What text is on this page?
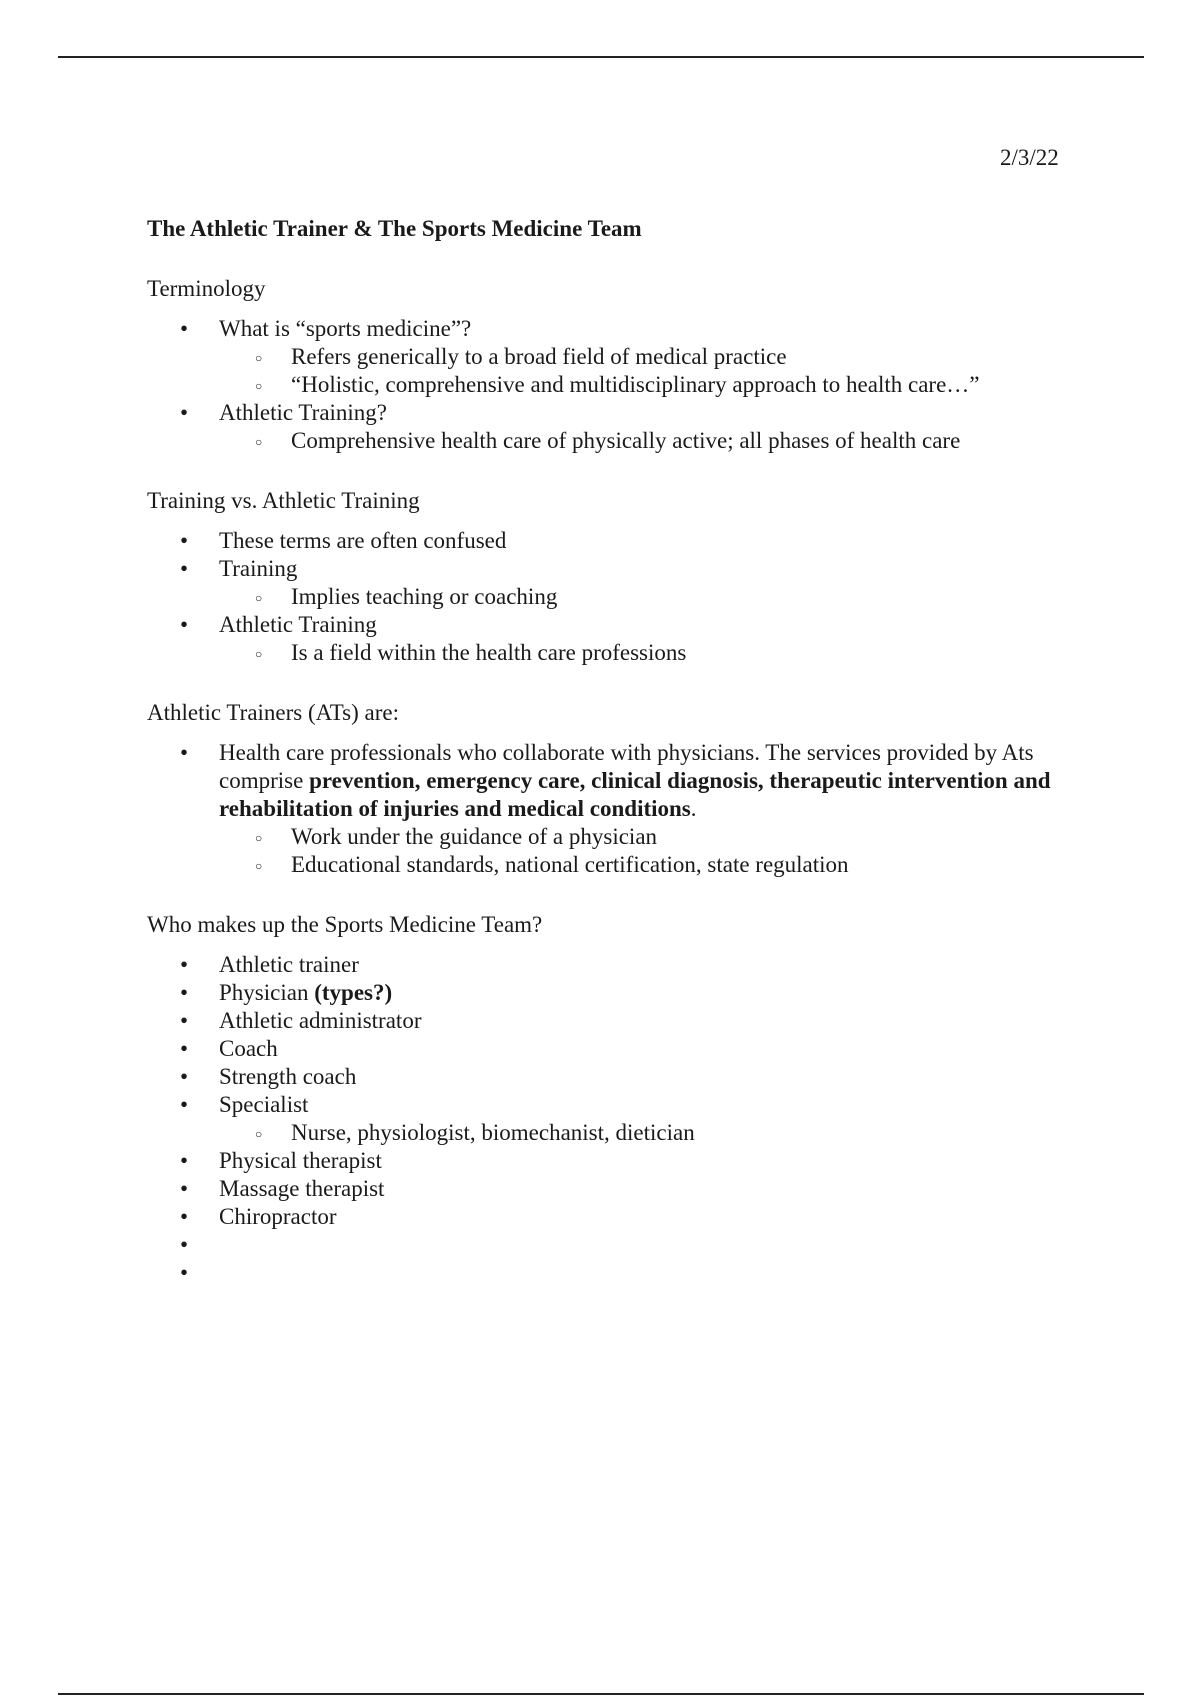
2/3/22
The Athletic Trainer & The Sports Medicine Team

Terminology

• What is “sports medicine”?
○ Refers generically to a broad field of medical practice
○ “Holistic, comprehensive and multidisciplinary approach to health care…”
• Athletic Training?
○ Comprehensive health care of physically active; all phases of health care

Training vs. Athletic Training

• These terms are often confused
• Training
○ Implies teaching or coaching
• Athletic Training
○ Is a field within the health care professions

Athletic Trainers (ATs) are:

• Health care professionals who collaborate with physicians. The services provided by Ats comprise prevention, emergency care, clinical diagnosis, therapeutic intervention and rehabilitation of injuries and medical conditions.
○ Work under the guidance of a physician
○ Educational standards, national certification, state regulation

Who makes up the Sports Medicine Team?

• Athletic trainer
• Physician (types?)
• Athletic administrator
• Coach
• Strength coach
• Specialist
○ Nurse, physiologist, biomechanist, dietician
• Physical therapist
• Massage therapist
• Chiropractor
•
•
